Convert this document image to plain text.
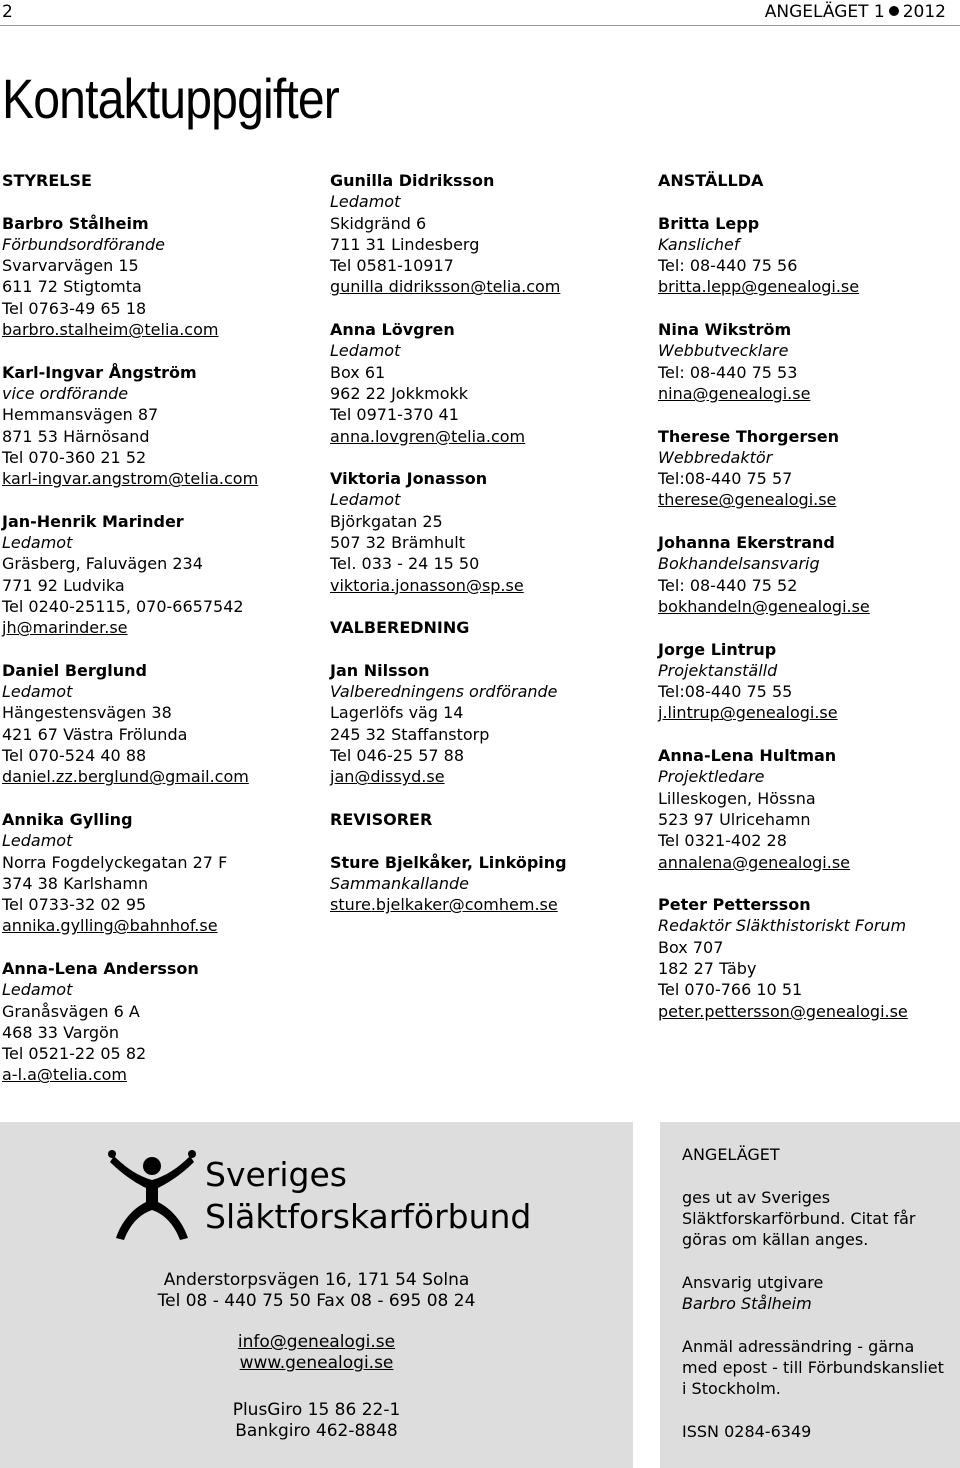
2	ANGELÄGET 1 2012
Kontaktuppgifter
STYRELSE
Barbro Stålheim
Förbundsordförande
Svarvarvägen 15
611 72 Stigtomta
Tel 0763-49 65 18
barbro.stalheim@telia.com
Karl-Ingvar Ångström
vice ordförande
Hemmansvägen 87
871 53 Härnösand
Tel 070-360 21 52
karl-ingvar.angstrom@telia.com
Jan-Henrik Marinder
Ledamot
Gräsberg, Faluvägen 234
771 92 Ludvika
Tel 0240-25115, 070-6657542
jh@marinder.se
Daniel Berglund
Ledamot
Hängestensvägen 38
421 67 Västra Frölunda
Tel 070-524 40 88
daniel.zz.berglund@gmail.com
Annika Gylling
Ledamot
Norra Fogdelyckegatan 27 F
374 38 Karlshamn
Tel 0733-32 02 95
annika.gylling@bahnhof.se
Anna-Lena Andersson
Ledamot
Granåsvägen 6 A
468 33 Vargön
Tel 0521-22 05 82
a-l.a@telia.com
Gunilla Didriksson
Ledamot
Skidgränd 6
711 31 Lindesberg
Tel 0581-10917
gunilla didriksson@telia.com
Anna Lövgren
Ledamot
Box 61
962 22 Jokkmokk
Tel 0971-370 41
anna.lovgren@telia.com
Viktoria Jonasson
Ledamot
Björkgatan 25
507 32 Brämhult
Tel. 033 - 24 15 50
viktoria.jonasson@sp.se
VALBEREDNING
Jan Nilsson
Valberedningens ordförande
Lagerlöfs väg 14
245 32 Staffanstorp
Tel 046-25 57 88
jan@dissyd.se
REVISORER
Sture Bjelkåker, Linköping
Sammankallande
sture.bjelkaker@comhem.se
ANSTÄLLDA
Britta Lepp
Kanslichef
Tel: 08-440 75 56
britta.lepp@genealogi.se
Nina Wikström
Webbutvecklare
Tel: 08-440 75 53
nina@genealogi.se
Therese Thorgersen
Webbredaktör
Tel:08-440 75 57
therese@genealogi.se
Johanna Ekerstrand
Bokhandelsansvarig
Tel: 08-440 75 52
bokhandeln@genealogi.se
Jorge Lintrup
Projektanställd
Tel:08-440 75 55
j.lintrup@genealogi.se
Anna-Lena Hultman
Projektledare
Lilleskogen, Hössna
523 97 Ulricehamn
Tel 0321-402 28
annalena@genealogi.se
Peter Pettersson
Redaktör Släkthistoriskt Forum
Box 707
182 27 Täby
Tel 070-766 10 51
peter.pettersson@genealogi.se
Sveriges
Släktforskarförbund
Anderstorpsvägen 16, 171 54 Solna
Tel 08 - 440 75 50 Fax 08 - 695 08 24
info@genealogi.se
www.genealogi.se
PlusGiro 15 86 22-1
Bankgiro 462-8848

ANGELÄGET

ges ut av Sveriges Släktforskarförbund. Citat får göras om källan anges.

Ansvarig utgivare
Barbro Stålheim

Anmäl adressändring - gärna med epost - till Förbundskansliet i Stockholm.

ISSN 0284-6349
